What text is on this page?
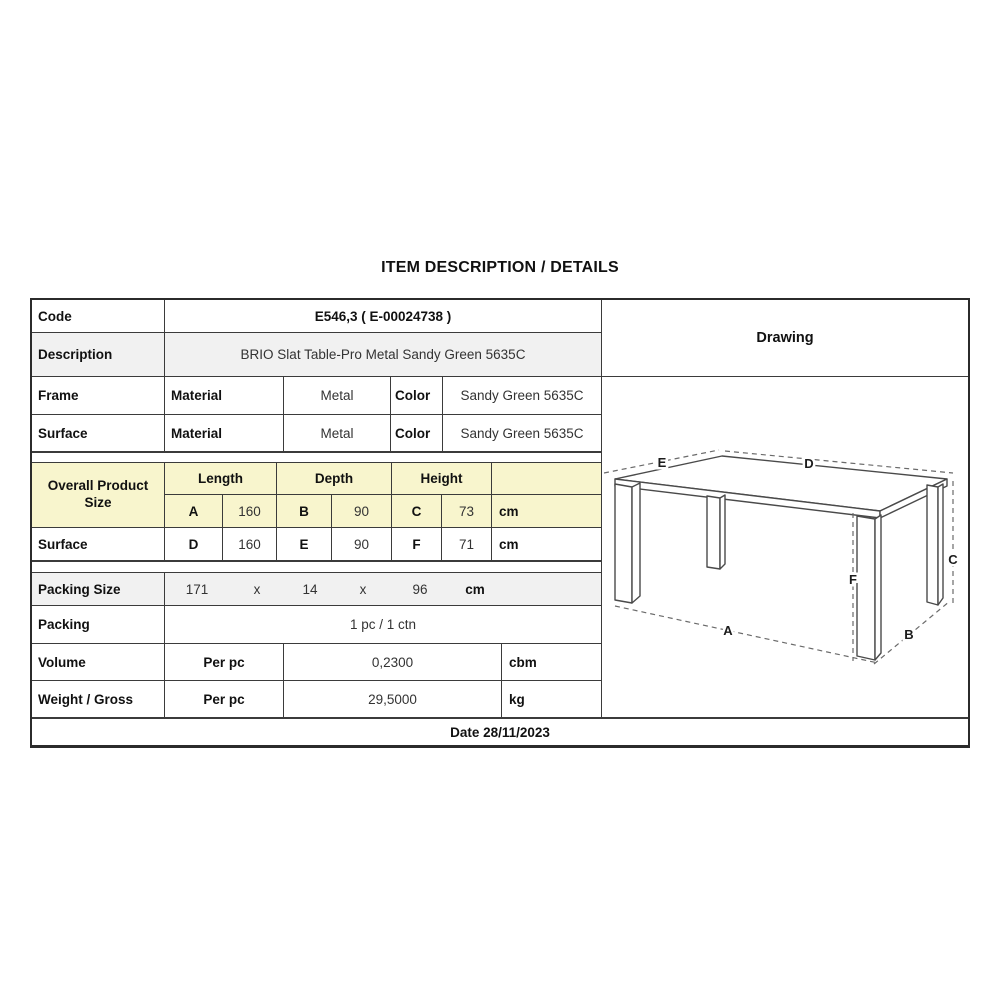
ITEM DESCRIPTION / DETAILS
Code	E546,3 ( E-00024738 )
Description	BRIO Slat Table-Pro Metal Sandy Green 5635C
Frame	Material	Metal	Color	Sandy Green 5635C
Surface	Material	Metal	Color	Sandy Green 5635C
Overall Product Size
Length	Depth	Height
A	160	B	90	C	73	cm
Surface	D	160	E	90	F	71	cm
Packing Size	171	x	14	x	96	cm
Packing	1 pc / 1 ctn
Volume	Per pc	0,2300	cbm
Weight / Gross	Per pc	29,5000	kg
Drawing
E	D
A	B
C
F
Date 28/11/2023
